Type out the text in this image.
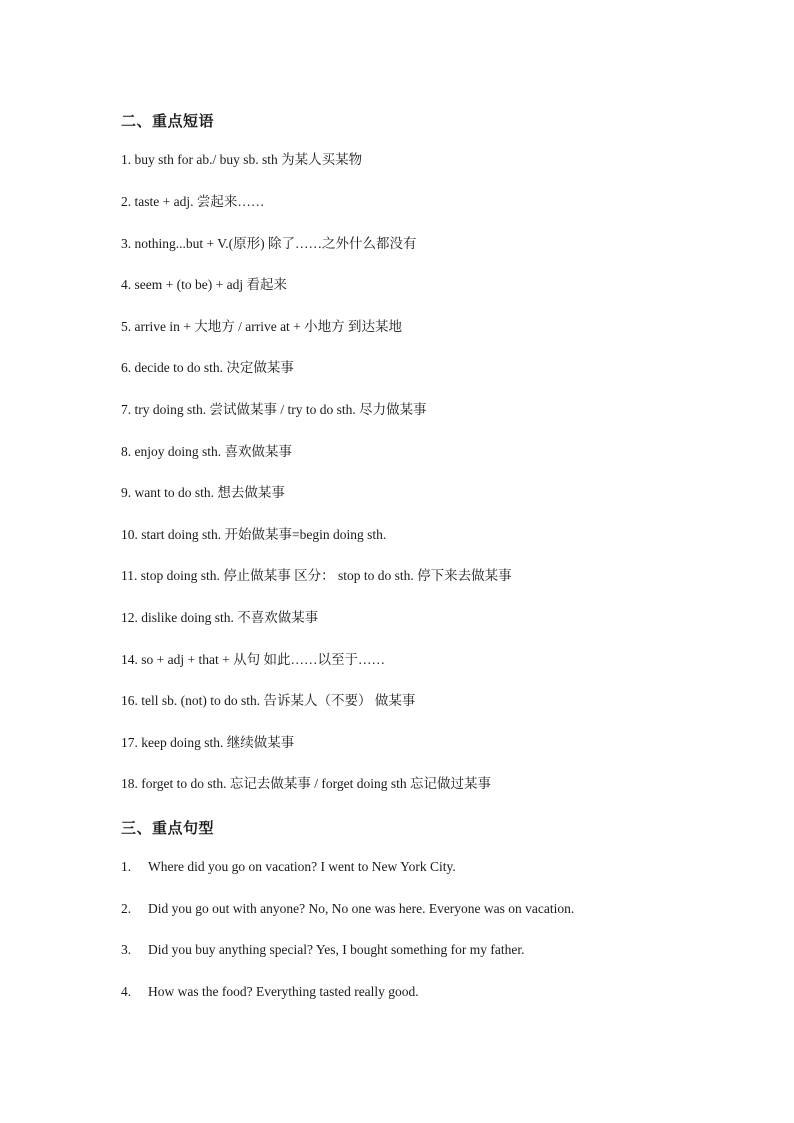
二、重点短语
1. buy sth for ab./ buy sb. sth 为某人买某物
2. taste + adj. 尝起来……
3. nothing...but + V.(原形) 除了……之外什么都没有
4. seem + (to be) + adj 看起来
5. arrive in + 大地方 / arrive at + 小地方 到达某地
6. decide to do sth. 决定做某事
7. try doing sth. 尝试做某事 / try to do sth. 尽力做某事
8. enjoy doing sth. 喜欢做某事
9. want to do sth. 想去做某事
10. start doing sth. 开始做某事=begin doing sth.
11. stop doing sth. 停止做某事 区分： stop to do sth. 停下来去做某事
12. dislike doing sth. 不喜欢做某事
14. so + adj + that + 从句 如此……以至于……
16. tell sb. (not) to do sth. 告诉某人（不要） 做某事
17. keep doing sth. 继续做某事
18. forget to do sth. 忘记去做某事 / forget doing sth 忘记做过某事
三、重点句型
1. Where did you go on vacation? I went to New York City.
2. Did you go out with anyone? No, No one was here. Everyone was on vacation.
3. Did you buy anything special? Yes, I bought something for my father.
4. How was the food? Everything tasted really good.
